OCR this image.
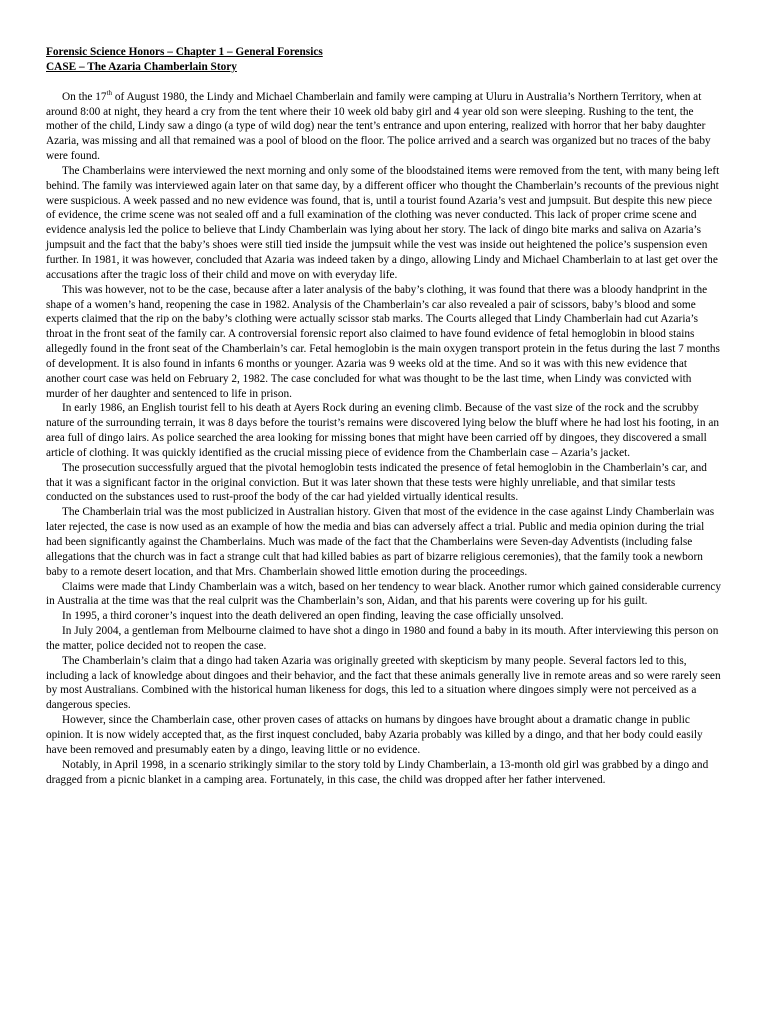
Forensic Science Honors – Chapter 1 – General Forensics

CASE – The Azaria Chamberlain Story

On the 17th of August 1980, the Lindy and Michael Chamberlain and family were camping at Uluru in Australia’s Northern Territory, when at around 8:00 at night, they heard a cry from the tent where their 10 week old baby girl and 4 year old son were sleeping. Rushing to the tent, the mother of the child, Lindy saw a dingo (a type of wild dog) near the tent’s entrance and upon entering, realized with horror that her baby daughter Azaria, was missing and all that remained was a pool of blood on the floor. The police arrived and a search was organized but no traces of the baby were found.

The Chamberlains were interviewed the next morning and only some of the bloodstained items were removed from the tent, with many being left behind. The family was interviewed again later on that same day, by a different officer who thought the Chamberlain’s recounts of the previous night were suspicious. A week passed and no new evidence was found, that is, until a tourist found Azaria’s vest and jumpsuit. But despite this new piece of evidence, the crime scene was not sealed off and a full examination of the clothing was never conducted. This lack of proper crime scene and evidence analysis led the police to believe that Lindy Chamberlain was lying about her story. The lack of dingo bite marks and saliva on Azaria’s jumpsuit and the fact that the baby’s shoes were still tied inside the jumpsuit while the vest was inside out heightened the police’s suspension even further. In 1981, it was however, concluded that Azaria was indeed taken by a dingo, allowing Lindy and Michael Chamberlain to at last get over the accusations after the tragic loss of their child and move on with everyday life.

This was however, not to be the case, because after a later analysis of the baby’s clothing, it was found that there was a bloody handprint in the shape of a women’s hand, reopening the case in 1982. Analysis of the Chamberlain’s car also revealed a pair of scissors, baby’s blood and some experts claimed that the rip on the baby’s clothing were actually scissor stab marks. The Courts alleged that Lindy Chamberlain had cut Azaria’s throat in the front seat of the family car. A controversial forensic report also claimed to have found evidence of fetal hemoglobin in blood stains allegedly found in the front seat of the Chamberlain’s car. Fetal hemoglobin is the main oxygen transport protein in the fetus during the last 7 months of development. It is also found in infants 6 months or younger. Azaria was 9 weeks old at the time. And so it was with this new evidence that another court case was held on February 2, 1982. The case concluded for what was thought to be the last time, when Lindy was convicted with murder of her daughter and sentenced to life in prison.

In early 1986, an English tourist fell to his death at Ayers Rock during an evening climb. Because of the vast size of the rock and the scrubby nature of the surrounding terrain, it was 8 days before the tourist’s remains were discovered lying below the bluff where he had lost his footing, in an area full of dingo lairs. As police searched the area looking for missing bones that might have been carried off by dingoes, they discovered a small article of clothing. It was quickly identified as the crucial missing piece of evidence from the Chamberlain case – Azaria’s jacket.

The prosecution successfully argued that the pivotal hemoglobin tests indicated the presence of fetal hemoglobin in the Chamberlain’s car, and that it was a significant factor in the original conviction. But it was later shown that these tests were highly unreliable, and that similar tests conducted on the substances used to rust-proof the body of the car had yielded virtually identical results.

The Chamberlain trial was the most publicized in Australian history. Given that most of the evidence in the case against Lindy Chamberlain was later rejected, the case is now used as an example of how the media and bias can adversely affect a trial. Public and media opinion during the trial had been significantly against the Chamberlains. Much was made of the fact that the Chamberlains were Seven-day Adventists (including false allegations that the church was in fact a strange cult that had killed babies as part of bizarre religious ceremonies), that the family took a newborn baby to a remote desert location, and that Mrs. Chamberlain showed little emotion during the proceedings.

Claims were made that Lindy Chamberlain was a witch, based on her tendency to wear black. Another rumor which gained considerable currency in Australia at the time was that the real culprit was the Chamberlain’s son, Aidan, and that his parents were covering up for his guilt.

In 1995, a third coroner’s inquest into the death delivered an open finding, leaving the case officially unsolved.

In July 2004, a gentleman from Melbourne claimed to have shot a dingo in 1980 and found a baby in its mouth. After interviewing this person on the matter, police decided not to reopen the case.

The Chamberlain’s claim that a dingo had taken Azaria was originally greeted with skepticism by many people. Several factors led to this, including a lack of knowledge about dingoes and their behavior, and the fact that these animals generally live in remote areas and so were rarely seen by most Australians. Combined with the historical human likeness for dogs, this led to a situation where dingoes simply were not perceived as a dangerous species.

However, since the Chamberlain case, other proven cases of attacks on humans by dingoes have brought about a dramatic change in public opinion. It is now widely accepted that, as the first inquest concluded, baby Azaria probably was killed by a dingo, and that her body could easily have been removed and presumably eaten by a dingo, leaving little or no evidence.

Notably, in April 1998, in a scenario strikingly similar to the story told by Lindy Chamberlain, a 13-month old girl was grabbed by a dingo and dragged from a picnic blanket in a camping area. Fortunately, in this case, the child was dropped after her father intervened.
